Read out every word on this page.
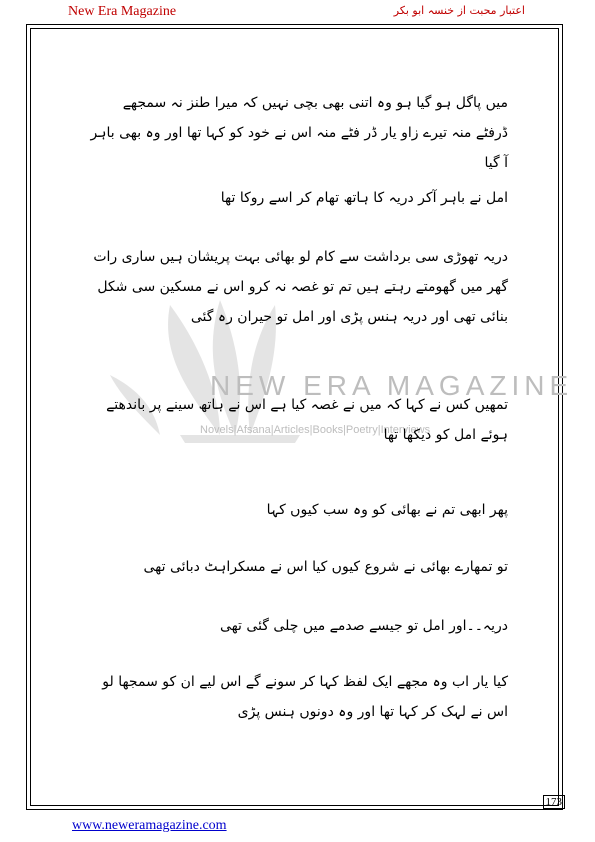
New Era Magazine	اعتبار محبت از خنسہ ابو بکر
NEW ERA MAGAZINE
Novels|Afsana|Articles|Books|Poetry|Interviews
میں پاگل ہو گیا ہو وہ اتنی بھی بچی نہیں کہ میرا طنز نہ سمجھے ڈرفٹے منہ تیرے زاو یار ڈر فٹے منہ اس نے خود کو کہا تھا اور وہ بھی باہر آ گیا
امل نے باہر آکر دریہ کا ہاتھ تھام کر اسے روکا تھا
دریہ تھوڑی سی برداشت سے کام لو بھائی بہت پریشان ہیں ساری رات گھر میں گھومتے رہتے ہیں تم تو غصہ نہ کرو اس نے مسکین سی شکل بنائی تھی اور دریہ ہنس پڑی اور امل تو حیران رہ گئی
تمھیں کس نے کہا کہ میں نے غصہ کیا ہے اس نے ہاتھ سینے پر باندھتے ہوئے امل کو دیکھا تھا
پھر ابھی تم نے بھائی کو وہ سب کیوں کہا
تو تمھارے بھائی نے شروع کیوں کیا اس نے مسکراہٹ دبائی تھی
دریہ۔۔اور امل تو جیسے صدمے میں چلی گئی تھی
کیا یار اب وہ مجھے ایک لفظ کہا کر سونے گے اس لیے ان کو سمجھا لو اس نے لہک کر کہا تھا اور وہ دونوں ہنس پڑی
173
www.neweramagazine.com
